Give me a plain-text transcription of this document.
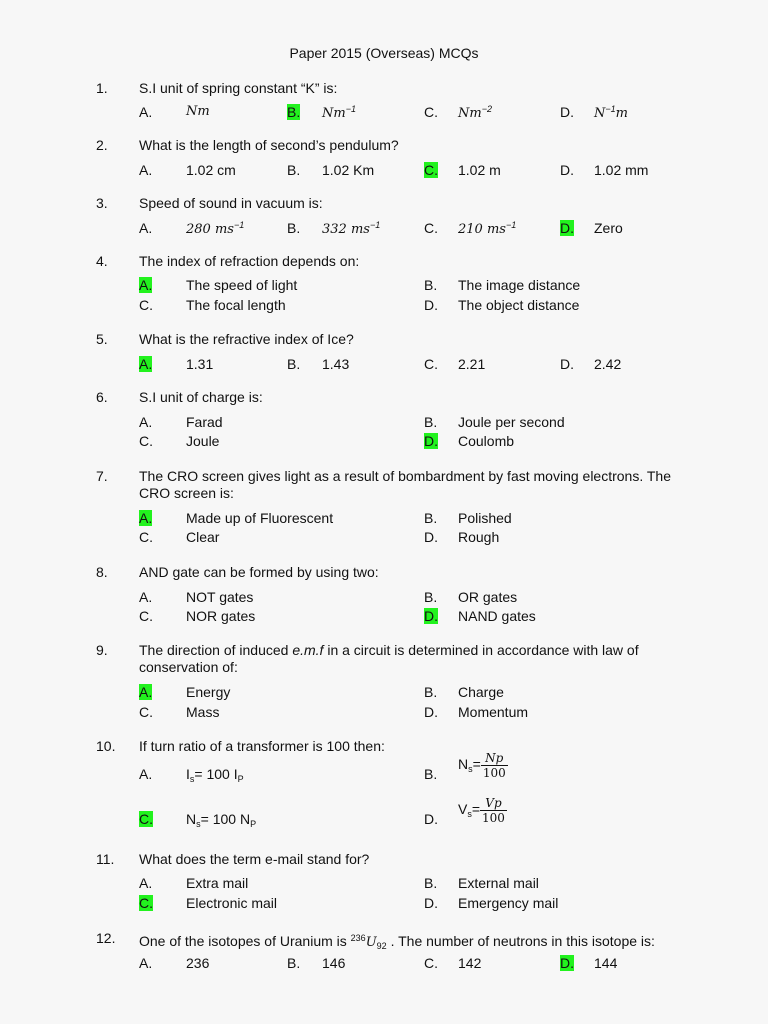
Paper 2015 (Overseas) MCQs
1. S.I unit of spring constant “K” is:
A.	Nm	B. $Nm^{-1}$	C. $Nm^{-2}$	D. $N^{-1}m$
2. What is the length of second’s pendulum?
A. 1.02 cm	B. 1.02 Km	C. 1.02 m	D. 1.02 mm
3. Speed of sound in vacuum is:
A.	280 $ms^{-1}$	B. 332 $ms^{-1}$	C. 210 $ms^{-1}$	D. Zero
4. The index of refraction depends on:
A. The speed of light	B. The image distance
C. The focal length	D. The object distance
5. What is the refractive index of Ice?
A. 1.31	B. 1.43	C. 2.21	D. 2.42
6. S.I unit of charge is:
A. Farad	B. Joule per second
C. Joule	D. Coulomb
7. The CRO screen gives light as a result of bombardment by fast moving electrons. The CRO screen is:
A. Made up of Fluorescent	B. Polished
C. Clear	D. Rough
8. AND gate can be formed by using two:
A. NOT gates	B. OR gates
C. NOR gates	D. NAND gates
9. The direction of induced e.m.f in a circuit is determined in accordance with law of conservation of:
A. Energy	B. Charge
C. Mass	D. Momentum
10. If turn ratio of a transformer is 100 then:
A. $I_s= 100$ $I_P$	B.
$N_s= \frac{Np}{100}$
C. $N_s= 100$ $N_P$	D.
$V_s= \frac{Vp}{100}$
11. What does the term e-mail stand for?
A. Extra mail	B. External mail
C. Electronic mail	D. Emergency mail
12. One of the isotopes of Uranium is $^{236}U_{92}$ . The number of neutrons in this isotope is:
A. 236	B. 146	C. 142	D. 144
